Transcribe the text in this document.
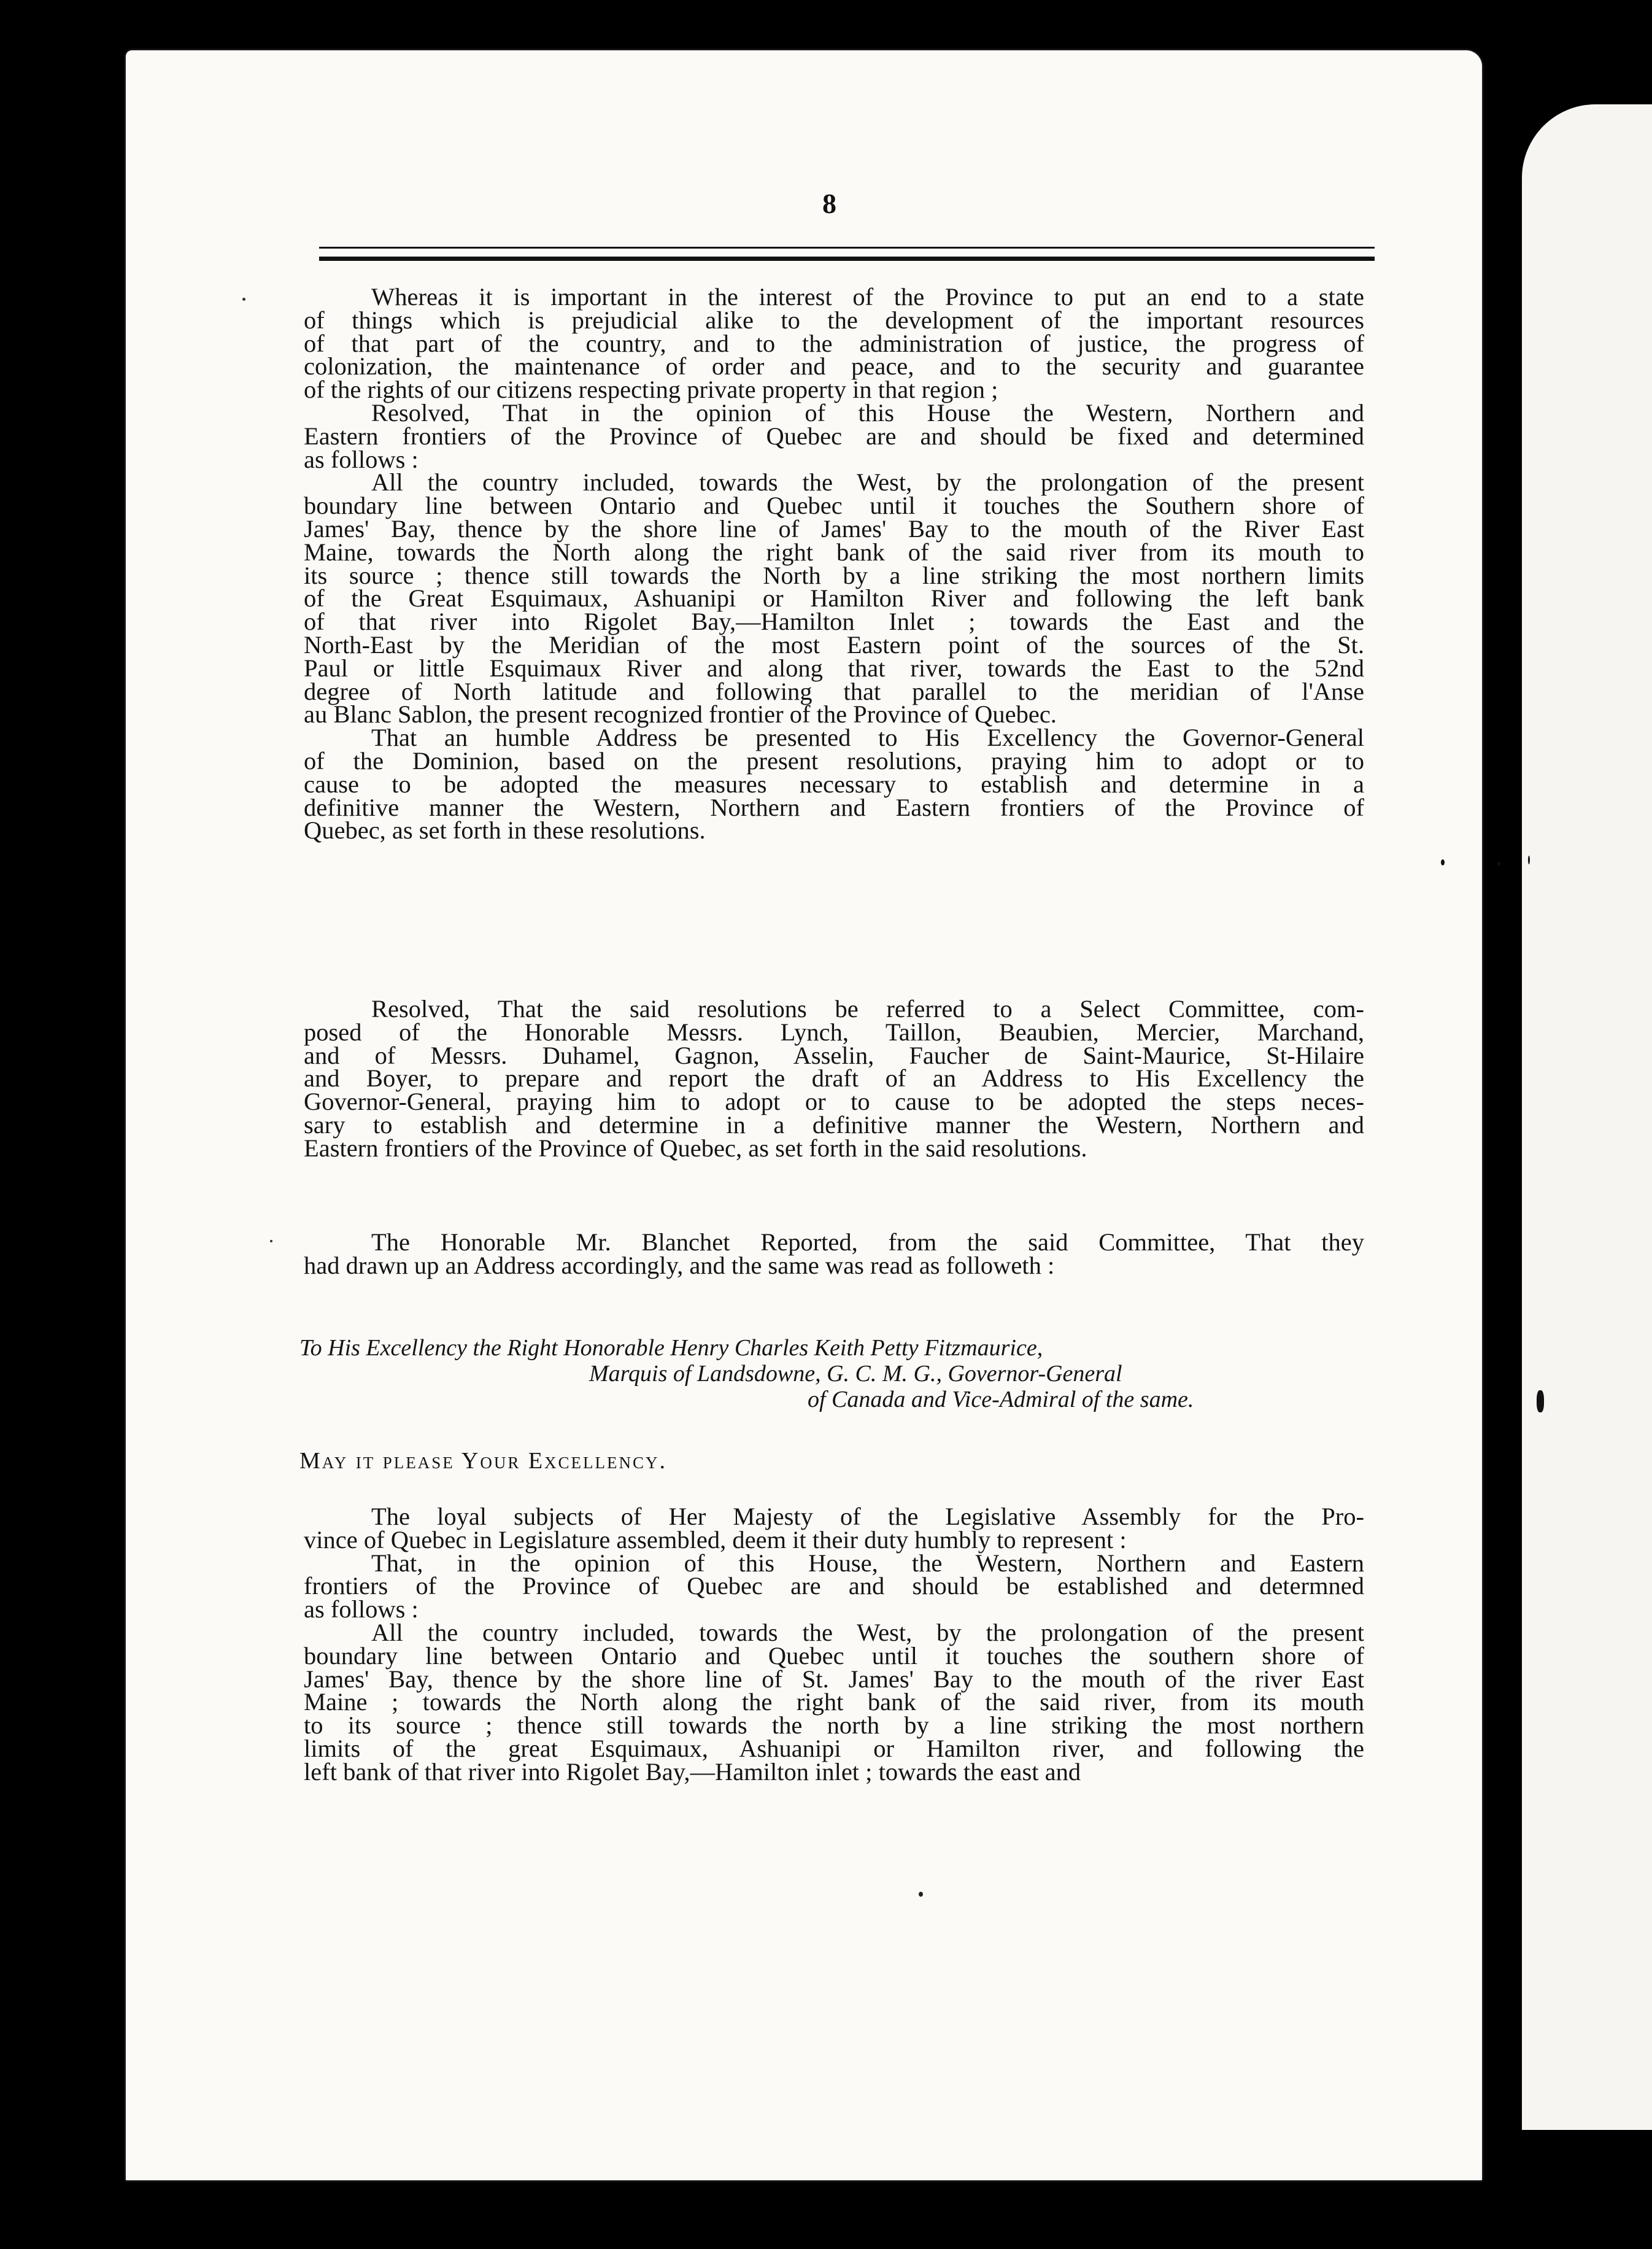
8
Whereas it is important in the interest of the Province to put an end to a state
of things which is prejudicial alike to the development of the important resources
of that part of the country, and to the administration of justice, the progress of
colonization, the maintenance of order and peace, and to the security and guarantee
of the rights of our citizens respecting private property in that region ;
Resolved, That in the opinion of this House the Western, Northern and
Eastern frontiers of the Province of Quebec are and should be fixed and determined
as follows :
All the country included, towards the West, by the prolongation of the present
boundary line between Ontario and Quebec until it touches the Southern shore of
James' Bay, thence by the shore line of James' Bay to the mouth of the River East
Maine, towards the North along the right bank of the said river from its mouth to
its source ; thence still towards the North by a line striking the most northern limits
of the Great Esquimaux, Ashuanipi or Hamilton River and following the left bank
of that river into Rigolet Bay,—Hamilton Inlet ; towards the East and the
North-East by the Meridian of the most Eastern point of the sources of the St.
Paul or little Esquimaux River and along that river, towards the East to the 52nd
degree of North latitude and following that parallel to the meridian of l'Anse
au Blanc Sablon, the present recognized frontier of the Province of Quebec.
That an humble Address be presented to His Excellency the Governor-General
of the Dominion, based on the present resolutions, praying him to adopt or to
cause to be adopted the measures necessary to establish and determine in a
definitive manner the Western, Northern and Eastern frontiers of the Province of
Quebec, as set forth in these resolutions.
Resolved, That the said resolutions be referred to a Select Committee, com-
posed of the Honorable Messrs. Lynch, Taillon, Beaubien, Mercier, Marchand,
and of Messrs. Duhamel, Gagnon, Asselin, Faucher de Saint-Maurice, St-Hilaire
and Boyer, to prepare and report the draft of an Address to His Excellency the
Governor-General, praying him to adopt or to cause to be adopted the steps neces-
sary to establish and determine in a definitive manner the Western, Northern and
Eastern frontiers of the Province of Quebec, as set forth in the said resolutions.
The Honorable Mr. Blanchet Reported, from the said Committee, That they
had drawn up an Address accordingly, and the same was read as followeth :
To His Excellency the Right Honorable Henry Charles Keith Petty Fitzmaurice,
Marquis of Landsdowne, G. C. M. G., Governor-General
of Canada and Vice-Admiral of the same.
May it please Your Excellency.
The loyal subjects of Her Majesty of the Legislative Assembly for the Pro-
vince of Quebec in Legislature assembled, deem it their duty humbly to represent :
That, in the opinion of this House, the Western, Northern and Eastern
frontiers of the Province of Quebec are and should be established and determned
as follows :
All the country included, towards the West, by the prolongation of the present
boundary line between Ontario and Quebec until it touches the southern shore of
James' Bay, thence by the shore line of St. James' Bay to the mouth of the river East
Maine ; towards the North along the right bank of the said river, from its mouth
to its source ; thence still towards the north by a line striking the most northern
limits of the great Esquimaux, Ashuanipi or Hamilton river, and following the
left bank of that river into Rigolet Bay,—Hamilton inlet ; towards the east and
